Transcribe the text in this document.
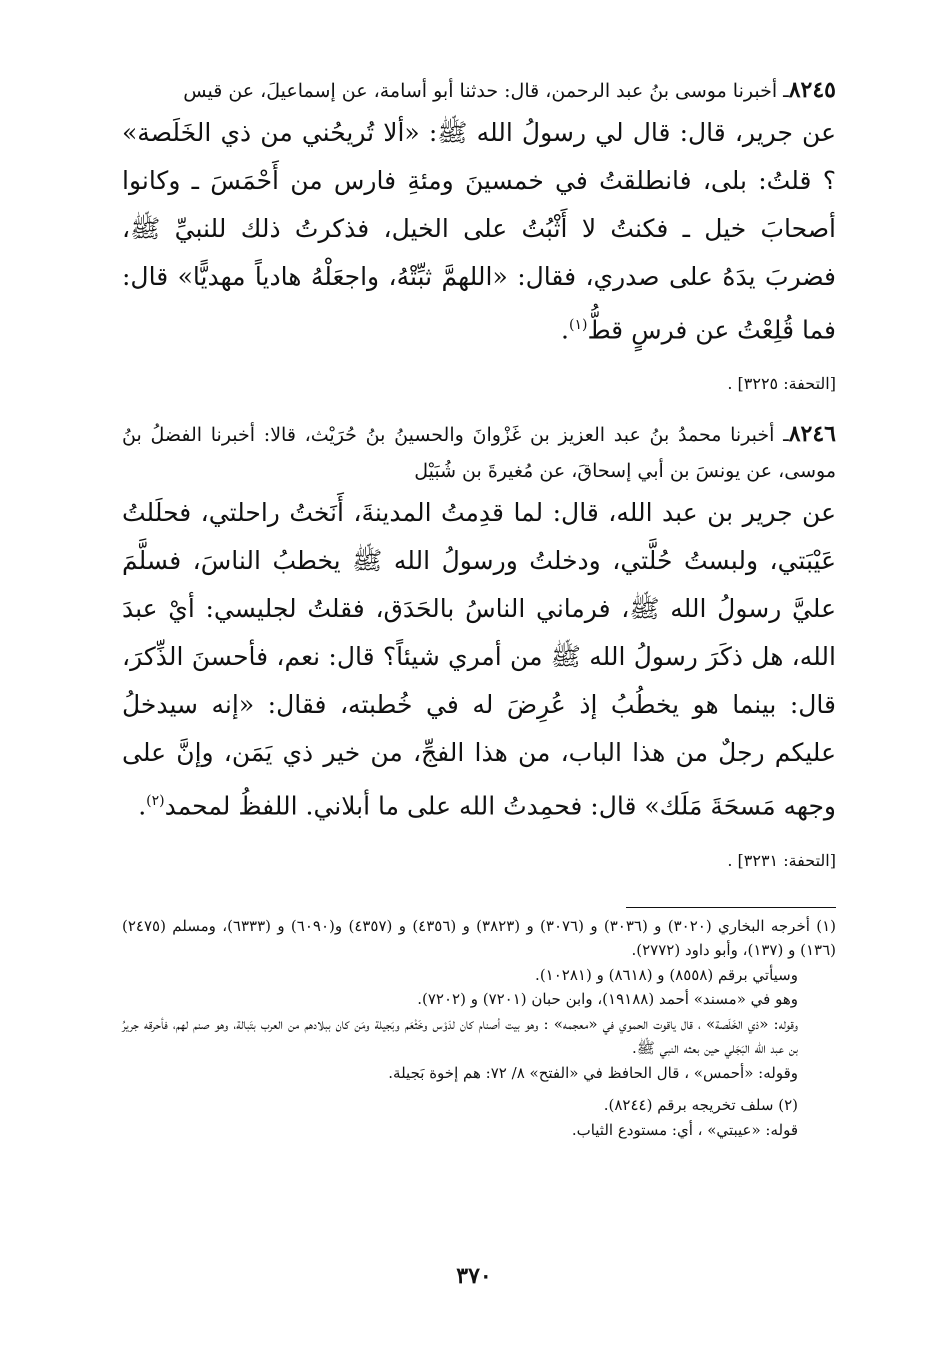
٨٢٤٥ـ أخبرنا موسى بنُ عبد الرحمن، قال: حدثنا أبو أسامة، عن إسماعيلَ، عن قيس

عن جرير، قال: قال لي رسولُ الله ﷺ: «ألا تُريحُني من ذي الخَلَصة» ؟ قلتُ: بلى، فانطلقتُ في خمسينَ ومئةِ فارس من أَحْمَسَ ـ وكانوا أصحابَ خيل ـ فكنتُ لا أَثْبُتُ على الخيل، فذكرتُ ذلك للنبيِّ ﷺ، فضربَ يدَهُ على صدري، فقال: «اللهمَّ ثبِّتْهُ، واجعَلْهُ هادياً مهديًّا» قال: فما قُلِعْتُ عن فرسٍ قطُّ$^{(١)}$.

[التحفة: ٣٢٢٥] .

٨٢٤٦ـ أخبرنا محمدُ بنُ عبد العزيز بن غَزْوانَ والحسينُ بنُ حُرَيْث، قالا: أخبرنا الفضلُ بنُ موسى، عن يونسَ بن أبي إسحاقَ، عن مُغيرةَ بن شُبَيْل

عن جرير بن عبد الله، قال: لما قدِمتُ المدينةَ، أَنَختُ راحلتي، فحلَلتُ عَيْبَتي، ولبستُ حُلَّتي، ودخلتُ ورسولُ الله ﷺ يخطبُ الناسَ، فسلَّمَ عليَّ رسولُ الله ﷺ، فرماني الناسُ بالحَدَق، فقلتُ لجليسي: أيْ عبدَ الله، هل ذكَرَ رسولُ الله ﷺ من أمري شيئاً؟ قال: نعم، فأحسنَ الذِّكرَ، قال: بينما هو يخطُبُ إذ عُرِضَ له في خُطبته، فقال: «إنه سيدخلُ عليكم رجلٌ من هذا الباب، من هذا الفجِّ، من خير ذي يَمَن، وإنَّ على وجهه مَسحَةَ مَلَك» قال: فحمِدتُ الله على ما أبلاني. اللفظُ لمحمد$^{(٢)}$.

[التحفة: ٣٢٣١] .

(١) أخرجه البخاري (٣٠٢٠) و (٣٠٣٦) و (٣٠٧٦) و (٣٨٢٣) و (٤٣٥٦) و (٤٣٥٧) و(٦٠٩٠) و (٦٣٣٣)، ومسلم (٢٤٧٥) (١٣٦) و (١٣٧)، وأبو داود (٢٧٧٢).

وسيأتي برقم (٨٥٥٨) و (٨٦١٨) و (١٠٢٨١).

وهو في «مسند» أحمد (١٩١٨٨)، وابن حبان (٧٢٠١) و (٧٢٠٢).

وقوله: «ذي الخَلَصة» ، قال ياقوت الحموي في «معجمه» : وهو بيت أصنام كان لدَوْس وخَثْعَم وبَجيلة ومَن كان ببلادهم من العرب بتَبالة، وهو صنم لهم، فأحرقه جريرُ بن عبد الله البَجَلي حين بعثه النبي ﷺ.

وقوله: «أحمس» ، قال الحافظ في «الفتح» ٨/ ٧٢: هم إخوة بَجيلة.

(٢) سلف تخريجه برقم (٨٢٤٤).

قوله: «عيبتي» ، أي: مستودع الثياب.

٣٧٠
